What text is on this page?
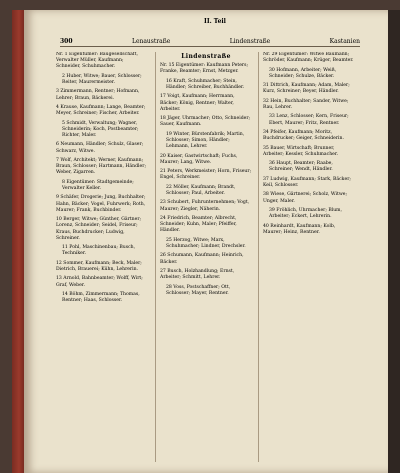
II. Teil
300	Lenaustraße	Lindenstraße	Kastanien

Nr. 1 Eigentümer: Baugesellschaft, Verwalter Müller, Kaufmann; Schneider, Schuhmacher.

2 Huber, Witwe; Bauer, Schlosser; Reiter, Maurermeister.

3 Zimmermann, Rentner; Hofmann, Lehrer; Braun, Bäckerei.

4 Krause, Kaufmann; Lange, Beamter; Meyer, Schreiner; Fischer, Arbeiter.

5 Schmidt, Verwaltung; Wagner, Schneiderin; Koch, Postbeamter; Richter, Maler.

6 Neumann, Händler; Schulz, Glaser; Schwarz, Witwe.

7 Wolf, Architekt; Werner, Kaufmann; Braun, Schlosser; Hartmann, Händler; Weber, Zigarren.

8 Eigentümer: Stadtgemeinde; Verwalter Keller.

9 Schäfer, Drogerie; Jung, Buchhalter; Hahn, Bäcker; Vogel, Fuhrwerk; Roth, Maurer; Frank, Buchbinder.

10 Berger, Witwe; Günther, Gärtner; Lorenz, Schneider; Seidel, Friseur; Kraus, Buchdrucker; Ludwig, Schreiner.

11 Pohl, Maschinenbau; Busch, Techniker.

12 Sommer, Kaufmann; Beck, Maler; Dietrich, Brauerei; Kühn, Lehrerin.

13 Arnold, Bahnbeamter; Wolff, Wirt; Graf, Weber.

14 Böhm, Zimmermann; Thomas, Rentner; Haas, Schlosser.

Lindenstraße

Nr. 15 Eigentümer: Kaufmann Peters; Franke, Beamter; Ernst, Metzger.

16 Kraft, Schuhmacher; Stein, Händler; Schreiber, Buchhändler.

17 Voigt, Kaufmann; Herrmann, Bäcker; König, Rentner; Walter, Arbeiter.

18 Jäger, Uhrmacher; Otto, Schneider; Sauer, Kaufmann.

19 Winter, Bürstenfabrik; Martin, Schlosser; Simon, Händler; Lehmann, Lehrer.

20 Kaiser, Gastwirtschaft; Fuchs, Maurer; Lang, Witwe.

21 Peters, Werkmeister; Horn, Friseur; Engel, Schreiner.

22 Möller, Kaufmann; Brandt, Schlosser; Paul, Arbeiter.

23 Schubert, Fuhrunternehmen; Vogt, Maurer; Ziegler, Näherin.

24 Friedrich, Beamter; Albrecht, Schneider; Kuhn, Maler; Pfeiffer, Händler.

25 Herzog, Witwe; Marx, Schuhmacher; Lindner, Drechsler.

26 Schumann, Kaufmann; Heinrich, Bäcker.

27 Busch, Holzhandlung; Ernst, Arbeiter; Schmitt, Lehrer.

28 Voss, Postschaffner; Ott, Schlosser; Mayer, Rentner.

Nr. 29 Eigentümer: Witwe Baumann; Schröder, Kaufmann; Krüger, Beamter.

30 Hofmann, Arbeiter; Weiß, Schneider; Schulze, Bäcker.

31 Dittrich, Kaufmann; Adam, Maler; Kurz, Schreiner; Beyer, Händler.

32 Hein, Buchhalter; Sander, Witwe; Rau, Lehrer.

33 Lenz, Schlosser; Kern, Friseur; Ebert, Maurer; Fritz, Rentner.

34 Pfeifer, Kaufmann; Moritz, Buchdrucker; Geiger, Schneiderin.

35 Bauer, Wirtschaft; Brunner, Arbeiter; Kessler, Schuhmacher.

36 Haupt, Beamter; Raabe, Schreiner; Wendt, Händler.

37 Ludwig, Kaufmann; Stark, Bäcker; Keil, Schlosser.

38 Wiese, Gärtnerei; Scholz, Witwe; Unger, Maler.

39 Fröhlich, Uhrmacher; Blum, Arbeiter; Eckert, Lehrerin.

40 Reinhardt, Kaufmann; Kolb, Maurer; Heinz, Rentner.
